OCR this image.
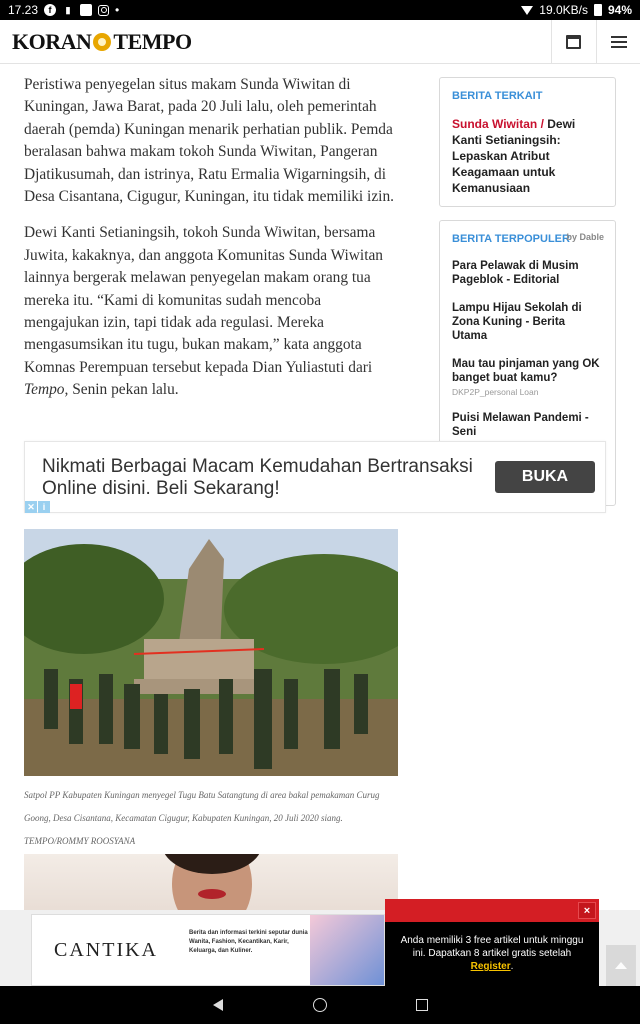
17.23	f	▮	•	19.0KB/s 94%
KORAN TEMPO

Peristiwa penyegelan situs makam Sunda Wiwitan di Kuningan, Jawa Barat, pada 20 Juli lalu, oleh pemerintah daerah (pemda) Kuningan menarik perhatian publik. Pemda beralasan bahwa makam tokoh Sunda Wiwitan, Pangeran Djatikusumah, dan istrinya, Ratu Ermalia Wigarningsih, di Desa Cisantana, Cigugur, Kuningan, itu tidak memiliki izin.

Dewi Kanti Setianingsih, tokoh Sunda Wiwitan, bersama Juwita, kakaknya, dan anggota Komunitas Sunda Wiwitan lainnya bergerak melawan penyegelan makam orang tua mereka itu. “Kami di komunitas sudah mencoba mengajukan izin, tapi tidak ada regulasi. Mereka mengasumsikan itu tugu, bukan makam,” kata anggota Komnas Perempuan tersebut kepada Dian Yuliastuti dari Tempo, Senin pekan lalu.

BERITA TERKAIT
Sunda Wiwitan / Dewi Kanti Setianingsih: Lepaskan Atribut Keagamaan untuk Kemanusiaan
BERITA TERPOPULER
by Dable
Para Pelawak di Musim Pageblok - Editorial
Lampu Hijau Sekolah di Zona Kuning - Berita Utama
Mau tau pinjaman yang OK banget buat kamu?
DKP2P_personal Loan
Puisi Melawan Pandemi - Seni
Nikmati Berbagai Macam Kemudahan Bertransaksi Online disini. Beli Sekarang!
BUKA
✕ i
Satpol PP Kabupaten Kuningan menyegel Tugu Batu Satangtung di area bakal pemakaman Curug Goong, Desa Cisantana, Kecamatan Cigugur, Kabupaten Kuningan, 20 Juli 2020 siang. TEMPO/ROMMY ROOSYANA
CANTIKA
Berita dan informasi terkini seputar dunia Wanita, Fashion, Kecantikan, Karir, Keluarga, dan Kuliner.
×
Anda memiliki 3 free artikel untuk minggu ini. Dapatkan 8 artikel gratis setelah Register.
